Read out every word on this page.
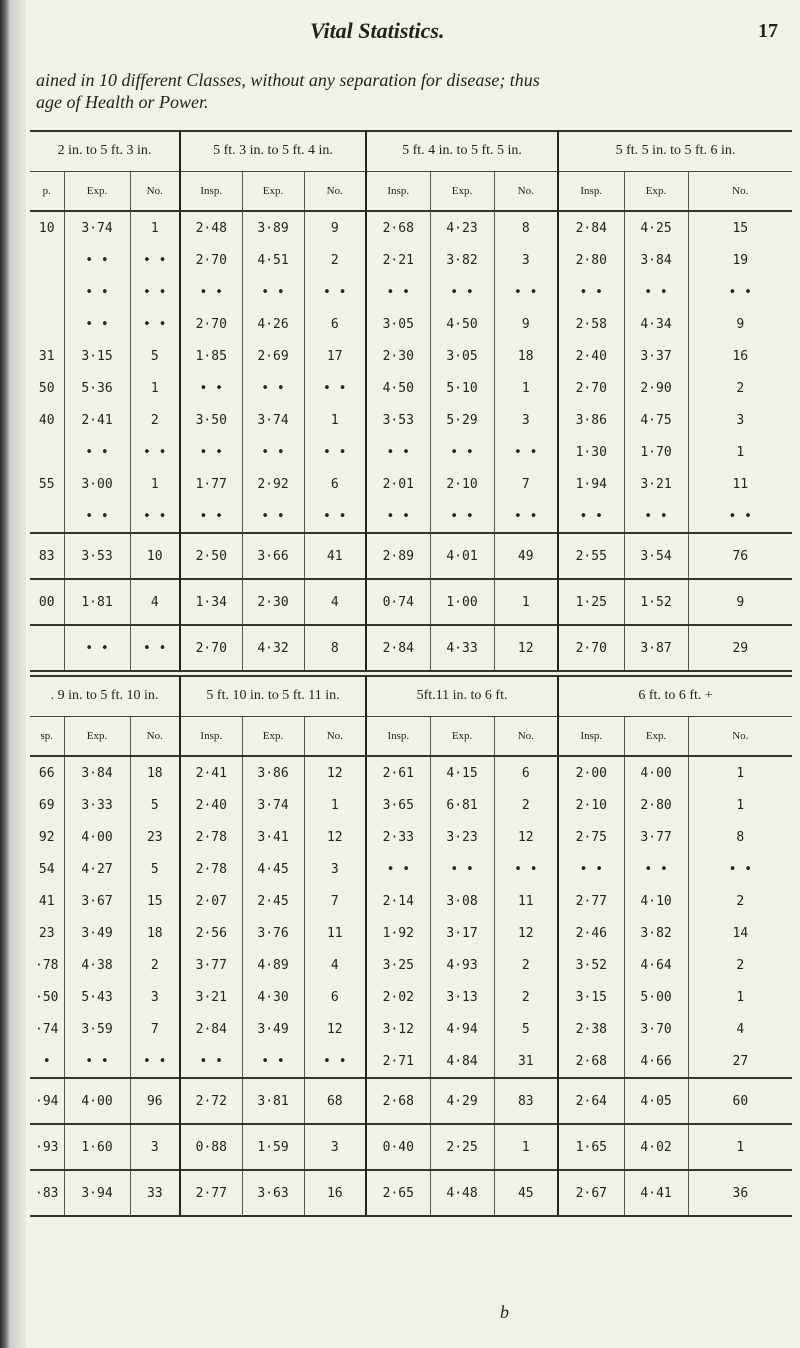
Vital Statistics.	17
ained in 10 different Classes, without any separation for disease; thus
age of Health or Power.
2 in. to 5 ft. 3 in.			5 ft. 3 in. to 5 ft. 4 in.			5 ft. 4 in. to 5 ft. 5 in.			5 ft. 5 in. to 5 ft. 6 in.		
p.	Exp.	No.	Insp.	Exp.	No.	Insp.	Exp.	No.	Insp.	Exp.	No.
10	3·74	1	2·48	3·89	9	2·68	4·23	8	2·84	4·25	15
	• •	• •	2·70	4·51	2	2·21	3·82	3	2·80	3·84	19
	• •	• •	• •	• •	• •	• •	• •	• •	• •	• •	• •
	• •	• •	2·70	4·26	6	3·05	4·50	9	2·58	4·34	9
31	3·15	5	1·85	2·69	17	2·30	3·05	18	2·40	3·37	16
50	5·36	1	• •	• •	• •	4·50	5·10	1	2·70	2·90	2
40	2·41	2	3·50	3·74	1	3·53	5·29	3	3·86	4·75	3
	• •	• •	• •	• •	• •	• •	• •	• •	1·30	1·70	1
55	3·00	1	1·77	2·92	6	2·01	2·10	7	1·94	3·21	11
	• •	• •	• •	• •	• •	• •	• •	• •	• •	• •	• •
83	3·53	10	2·50	3·66	41	2·89	4·01	49	2·55	3·54	76
00	1·81	4	1·34	2·30	4	0·74	1·00	1	1·25	1·52	9
	• •	• •	2·70	4·32	8	2·84	4·33	12	2·70	3·87	29
. 9 in. to 5 ft. 10 in.			5 ft. 10 in. to 5 ft. 11 in.			5ft.11 in. to 6 ft.			6 ft. to 6 ft. +		
sp.	Exp.	No.	Insp.	Exp.	No.	Insp.	Exp.	No.	Insp.	Exp.	No.
66	3·84	18	2·41	3·86	12	2·61	4·15	6	2·00	4·00	1
69	3·33	5	2·40	3·74	1	3·65	6·81	2	2·10	2·80	1
92	4·00	23	2·78	3·41	12	2·33	3·23	12	2·75	3·77	8
54	4·27	5	2·78	4·45	3	• •	• •	• •	• •	• •	• •
41	3·67	15	2·07	2·45	7	2·14	3·08	11	2·77	4·10	2
23	3·49	18	2·56	3·76	11	1·92	3·17	12	2·46	3·82	14
·78	4·38	2	3·77	4·89	4	3·25	4·93	2	3·52	4·64	2
·50	5·43	3	3·21	4·30	6	2·02	3·13	2	3·15	5·00	1
·74	3·59	7	2·84	3·49	12	3·12	4·94	5	2·38	3·70	4
•	• •	• •	• •	• •	• •	2·71	4·84	31	2·68	4·66	27
·94	4·00	96	2·72	3·81	68	2·68	4·29	83	2·64	4·05	60
·93	1·60	3	0·88	1·59	3	0·40	2·25	1	1·65	4·02	1
·83	3·94	33	2·77	3·63	16	2·65	4·48	45	2·67	4·41	36
b
